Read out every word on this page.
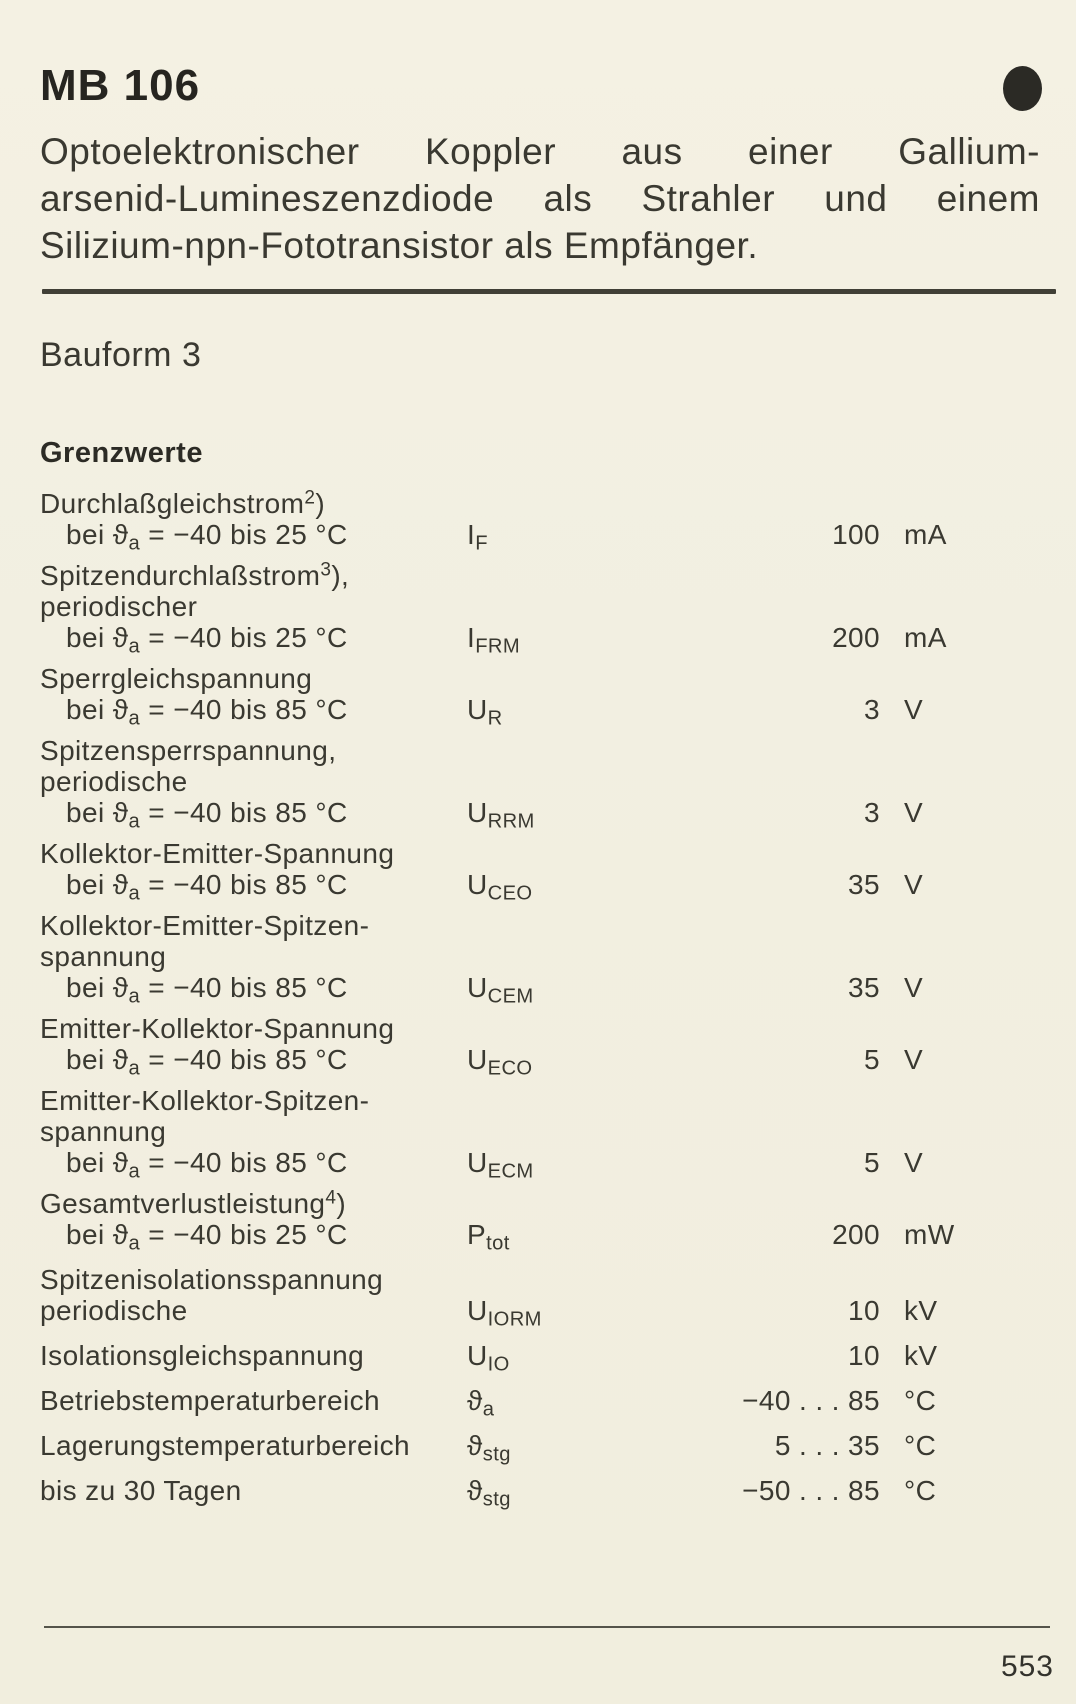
MB 106
Optoelektronischer Koppler aus einer Gallium-
arsenid-Lumineszenzdiode als Strahler und einem
Silizium-npn-Fototransistor als Empfänger.
Bauform 3
Grenzwerte
Durchlaßgleichstrom$^2$)
bei $ϑ_a = -40$ bis 25 °C	$I_F$	100 mA
Spitzendurchlaßstrom$^3$),
periodischer
bei $ϑ_a = -40$ bis 25 °C	$I_{FRM}$	200 mA
Sperrgleichspannung
bei $ϑ_a = -40$ bis 85 °C	$U_R$	3 V
Spitzensperrspannung,
periodische
bei $ϑ_a = -40$ bis 85 °C	$U_{RRM}$	3 V
Kollektor-Emitter-Spannung
bei $ϑ_a = -40$ bis 85 °C	$U_{CEO}$	35 V
Kollektor-Emitter-Spitzen-
spannung
bei $ϑ_a = -40$ bis 85 °C	$U_{CEM}$	35 V
Emitter-Kollektor-Spannung
bei $ϑ_a = -40$ bis 85 °C	$U_{ECO}$	5 V
Emitter-Kollektor-Spitzen-
spannung
bei $ϑ_a = -40$ bis 85 °C	$U_{ECM}$	5 V
Gesamtverlustleistung$^4$)
bei $ϑ_a = -40$ bis 25 °C	$P_{tot}$	200 mW
Spitzenisolationsspannung
periodische	$U_{IORM}$	10 kV
Isolationsgleichspannung	$U_{IO}$	10 kV
Betriebstemperaturbereich	$ϑ_a$	−40 . . . 85 °C
Lagerungstemperaturbereich	$ϑ_{stg}$	5 . . . 35 °C
bis zu 30 Tagen	$ϑ_{stg}$	−50 . . . 85 °C
553
